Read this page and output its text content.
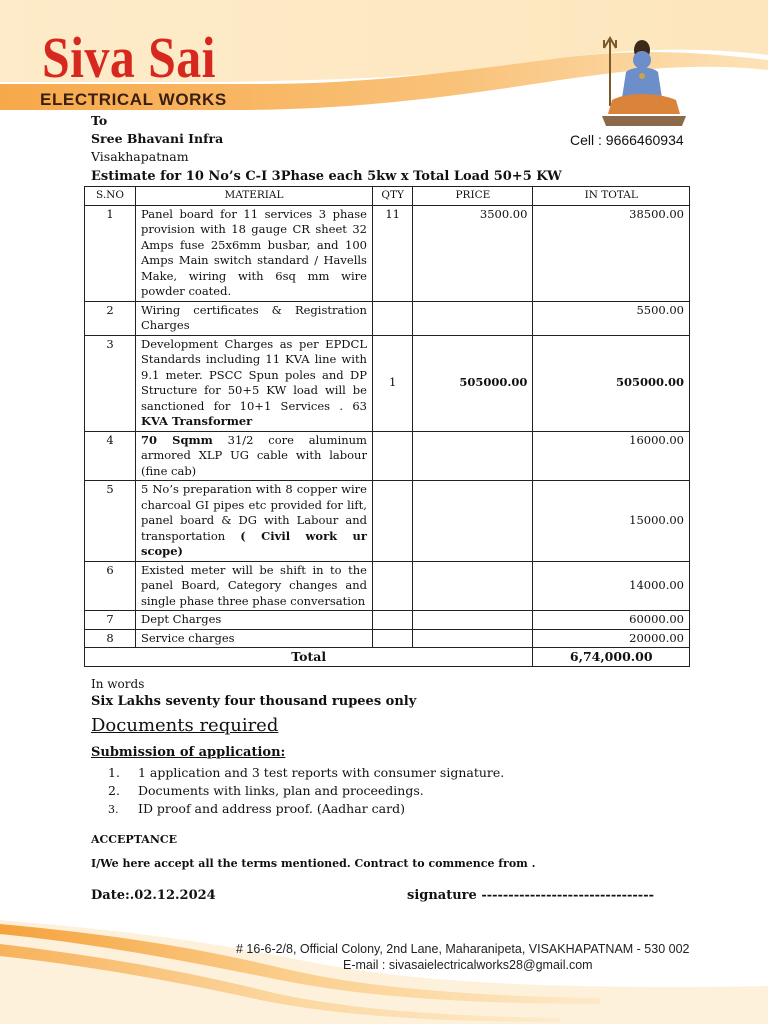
Siva Sai
ELECTRICAL WORKS
Cell : 9666460934
To
Sree Bhavani Infra
Visakhapatnam
Estimate for 10 No’s C-I 3Phase each 5kw x Total Load 50+5 KW
S.NO	MATERIAL	QTY	PRICE	IN TOTAL
1	Panel board for 11 services 3 phase provision with 18 gauge CR sheet 32 Amps fuse 25x6mm busbar, and 100 Amps Main switch standard / Havells Make, wiring with 6sq mm wire powder coated.	11	3500.00	38500.00
2	Wiring certificates & Registration Charges			5500.00
3	Development Charges as per EPDCL Standards including 11 KVA line with 9.1 meter. PSCC Spun poles and DP Structure for 50+5 KW load will be sanctioned for 10+1 Services . 63 KVA Transformer	1	505000.00	505000.00
4	70 Sqmm 31/2 core aluminum armored XLP UG cable with labour (fine cab)			16000.00
5	5 No’s preparation with 8 copper wire charcoal GI pipes etc provided for lift, panel board & DG with Labour and transportation ( Civil work ur scope)			15000.00
6	Existed meter will be shift in to the panel Board, Category changes and single phase three phase conversation			14000.00
7	Dept Charges			60000.00
8	Service charges			20000.00
Total				6,74,000.00
In words
Six Lakhs seventy four thousand rupees only
Documents required
Submission of application:
1. 1 application and 3 test reports with consumer signature.
2. Documents with links, plan and proceedings.
3. ID proof and address proof. (Aadhar card)
ACCEPTANCE
I/We here accept all the terms mentioned. Contract to commence from .
Date:.02.12.2024	signature --------------------------------
# 16-6-2/8, Official Colony, 2nd Lane, Maharanipeta, VISAKHAPATNAM - 530 002
E-mail : sivasaielectricalworks28@gmail.com
